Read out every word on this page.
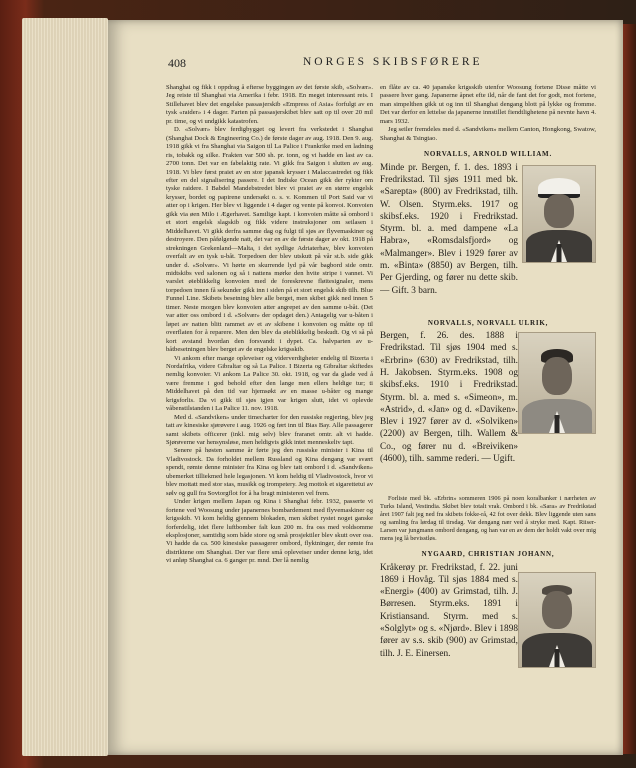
408	NORGES SKIBSFØRERE

Shanghai og fikk i oppdrag å efterse byggingen av det første skib, «Solvær». Jeg reiste til Shanghai via Amerika i febr. 1918. En meget interessant reis. I Stillehavet blev det engelske passasjerskib «Empress of Asia» forfulgt av en tysk «raider» i 4 dager. Farten på passasjerskibet blev satt op til over 20 mil pr. time, og vi undgikk katastrofen.

D. «Solvær» blev ferdigbygget og levert fra verkstedet i Shanghai (Shanghai Dock & Engineering Co.) de første dager av aug. 1918. Den 9. aug. 1918 gikk vi fra Shanghai via Saigon til La Palice i Frankrike med en ladning ris, tobakk og silke. Frakten var 500 sh. pr. tonn, og vi hadde en last av ca. 2700 tonn. Det var en fabelaktig rate. Vi gikk fra Saigon i slutten av aug. 1918. Vi blev først praiet av en stor japansk krysser i Malaccastredet og fikk efter en del signalisering passere. I det Indiske Ocean gikk der rykter om tyske raidere. I Babdel Mandebstredet blev vi praiet av en større engelsk krysser, bordet og papirene undersøkt o. s. v. Kommen til Port Said var vi atter op i krigen. Her blev vi liggende i 4 dager og vente på konvoi. Konvoien gikk via øen Milo i Ægerhavet. Samtlige kapt. i konvoien måtte så ombord i et stort engelsk slagskib og fikk videre instruksjoner om seilasen i Middelhavet. Vi gikk derfra samme dag og fulgt til sjøs av flyvemaskiner og destroyere. Den påfølgende natt, det var en av de første dager av okt. 1918 på strekningen Grekenland—Malta, i det sydlige Adriaterhav, blev konvoien overfalt av en tysk u-båt. Torpedoen der blev utskutt på vår st.b. side gikk under d. «Solvær». Vi hørte en skurrende lyd på vår bagbord side omtr. midtskibs ved salonen og så i nattens mørke den hvite stripe i vannet. Vi varslet øieblikkelig konvoien med de foreskrevne fløitesignaler, mens torpedoen innen få sekunder gikk inn i siden på et stort engelsk skib tilh. Blue Funnel Line. Skibets besetning blev alle berget, men skibet gikk ned innen 5 timer. Neste morgen blev konvoien atter angrepet av den samme u-båt. (Det var atter oss ombord i d. «Solvær» der opdaget den.) Antagelig var u-båten i løpet av natten blitt rammet av et av skibene i konvoien og måtte op til overflaten for å reparere. Men den blev da øieblikkelig beskudt. Og vi så på kort avstand hvordan den forsvandt i dypet. Ca. halvparten av u-båtbesetningen blev berget av de engelske krigsskib.

Vi ankom efter mange opleveiser og viderverdigheter endelig til Bizerta i Nordafrika, videre Gibraltar og så La Palice. I Bizerta og Gibraltar skiftedes nemlig konvoier. Vi ankom La Palice 30. okt. 1918, og var da glade ved å være fremme i god behold efter den lange men ellers heldige tur; ti Middelhavet på den tid var hjemsøkt av en masse u-båter og mange krigsforlis. Da vi gikk til sjøs igjen var krigen slutt, idet vi oplevde våbenstilstanden i La Palice 11. nov. 1918.

Med d. «Sandviken» under timecharter for den russiske regjering, blev jeg tatt av kinesiske sjørøvere i aug. 1926 og ført inn til Bias Bay. Alle passagerer samt skibets officerer (inkl. mig selv) blev fraranet omtr. alt vi hadde. Sjørøverne var hensynsløse, men heldigvis gikk intet menneskeliv tapt.

Senere på høsten samme år førte jeg den russiske minister i Kina til Vladivostock. Da forholdet mellem Russland og Kina dengang var svært spendt, rømte denne minister fra Kina og blev tatt ombord i d. «Sandviken» ubemerket tilliekmed hele legasjonen. Vi kom heldig til Vladivostock, hvor vi blev mottatt med stor stas, musikk og trompetery. Jeg mottok et sigarettetui av sølv og gull fra Sovtorgflot for å ha bragt ministeren vel frem.

Under krigen mellem Japan og Kina i Shanghai febr. 1932, passerte vi fortene ved Woosung under japanernes bombardement med flyvemaskiner og krigsskib. Vi kom heldig gjennem blokaden, men skibet rystet noget ganske forferdelig, idet flere luftbomber falt kun 200 m. fra oss med voldsomme eksplosjoner, samtidig som både store og små prosjektiler blev skutt over oss. Vi hadde da ca. 500 kinesiske passagerer ombord, flyktninger, der rømte fra distriktene om Shanghai. Der var flere små opleveiser under denne krig, idet vi anløp Shanghai ca. 6 ganger pr. mnd. Der lå nemlig

en flåte av ca. 40 japanske krigsskib utenfor Woosung fortene Disse måtte vi passere hver gang. Japanerne åpnet efte ild, når de fant det for godt, mot fortene, man simpelthen gikk ut og inn til Shanghai dengang blott på lykke og fromme. Det var derfor en lettelse da japanerne innstillet fiendtlighetene på nevnte havn 4. mars 1932.

Jeg seiler fremdeles med d. «Sandviken» mellem Canton, Hongkong, Swatow, Shanghai & Tsingtao.

NORVALLS, ARNOLD WILLIAM.
Minde pr. Bergen, f. 1. des. 1893 i Fredrikstad. Til sjøs 1911 med bk. «Sarepta» (800) av Fredrikstad, tilh. W. Olsen. Styrm.eks. 1917 og skibsf.eks. 1920 i Fredrikstad. Styrm. bl. a. med dampene «La Habra», «Romsdalsfjord» og «Malmanger». Blev i 1929 fører av m. «Binta» (8850) av Bergen, tilh. Per Gjerding, og fører nu dette skib. — Gift. 3 barn.
NORVALLS, NORVALL ULRIK,
Bergen, f. 26. des. 1888 i Fredrikstad. Til sjøs 1904 med s. «Erbrin» (630) av Fredrikstad, tilh. H. Jakobsen. Styrm.eks. 1908 og skibsf.eks. 1910 i Fredrikstad. Styrm. bl. a. med s. «Simeon», m. «Astrid», d. «Jan» og d. «Daviken». Blev i 1927 fører av d. «Solviken» (2200) av Bergen, tilh. Wallem & Co., og fører nu d. «Breiviken» (4600), tilh. samme rederi. — Ugift.

Forliste med bk. «Erbrin» sommeren 1906 på noen koralbanker i nærheten av Turks Island, Vestindia. Skibet blev totalt vrak. Ombord i bk. «Sara» av Fredrikstad året 1907 falt jeg ned fra skibets fokke-rå, 42 fot over dekk. Blev liggende uten sans og samling fra lørdag til tirsdag. Var dengang nær ved å stryke med. Kapt. Riiser-Larsen var jungmann ombord dengang, og han var en av dem der holdt vakt over mig mens jeg lå bevisstløs.

NYGAARD, CHRISTIAN JOHANN,
Kråkerøy pr. Fredrikstad, f. 22. juni 1869 i Hovåg. Til sjøs 1884 med s. «Energi» (400) av Grimstad, tilh. J. Børresen. Styrm.eks. 1891 i Kristiansand. Styrm. med s. «Solglyt» og s. «Njørd». Blev i 1898 fører av s.s. skib (900) av Grimstad, tilh. J. E. Einersen.
